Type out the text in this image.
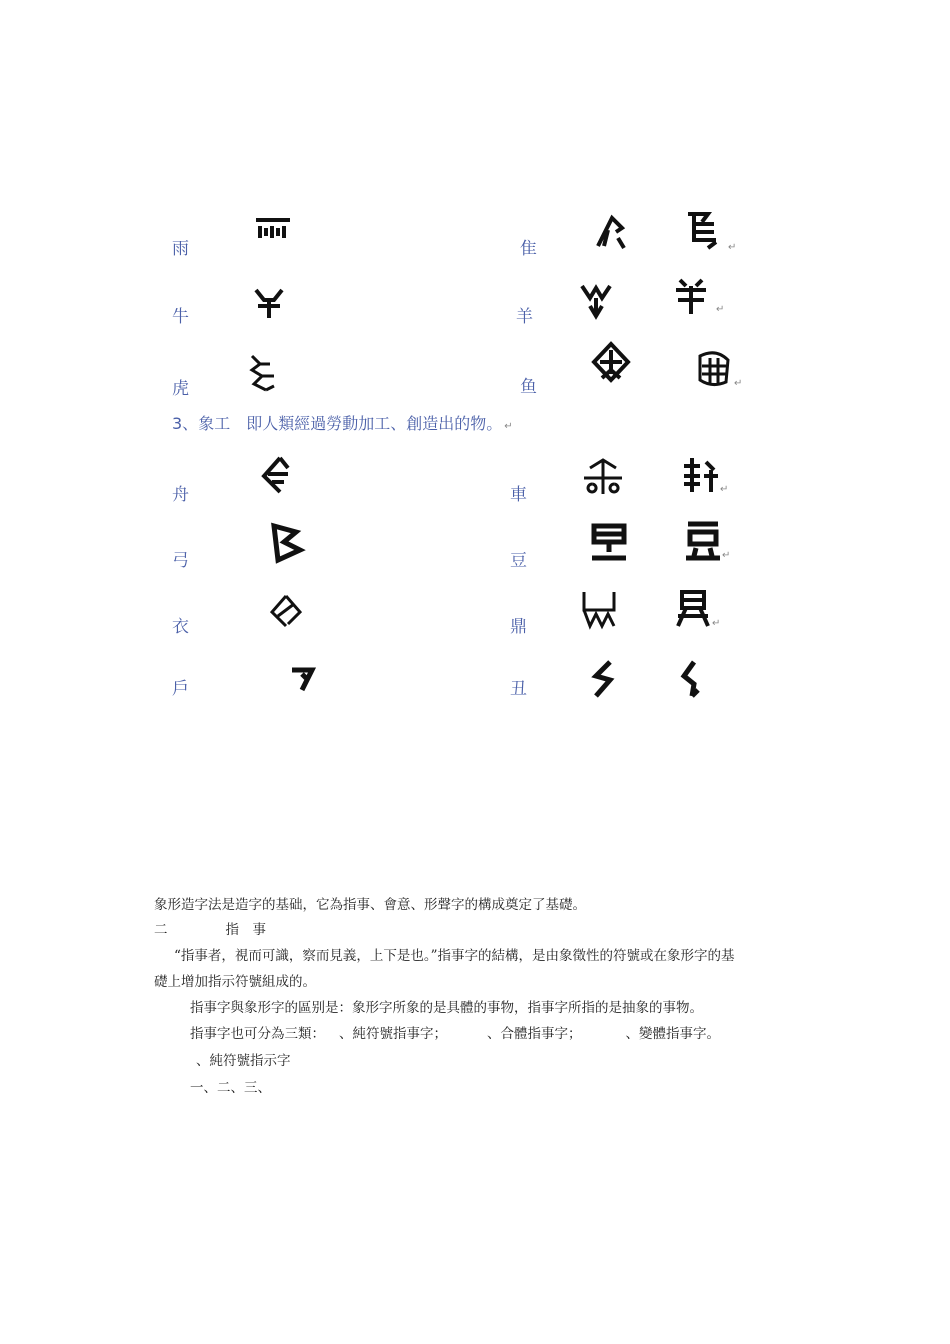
雨	隹	↵
牛	羊	↵
虎	鱼	↵
3、象工 即人類經過勞動加工、創造出的物。 ↵
舟	車	↵
弓	豆	↵
衣	鼎	↵
戶	丑
象形造字法是造字的基础，它為指事、會意、形聲字的構成奠定了基礎。
二	指　事
“指事者，視而可識，察而見義，上下是也。”指事字的結構，是由象徵性的符號或在象形字的基
礎上增加指示符號組成的。
指事字與象形字的區别是：象形字所象的是具體的事物，指事字所指的是抽象的事物。
指事字也可分為三類： 、純符號指事字；	、合體指事字；	、變體指事字。
、純符號指示字
一、二、三、
